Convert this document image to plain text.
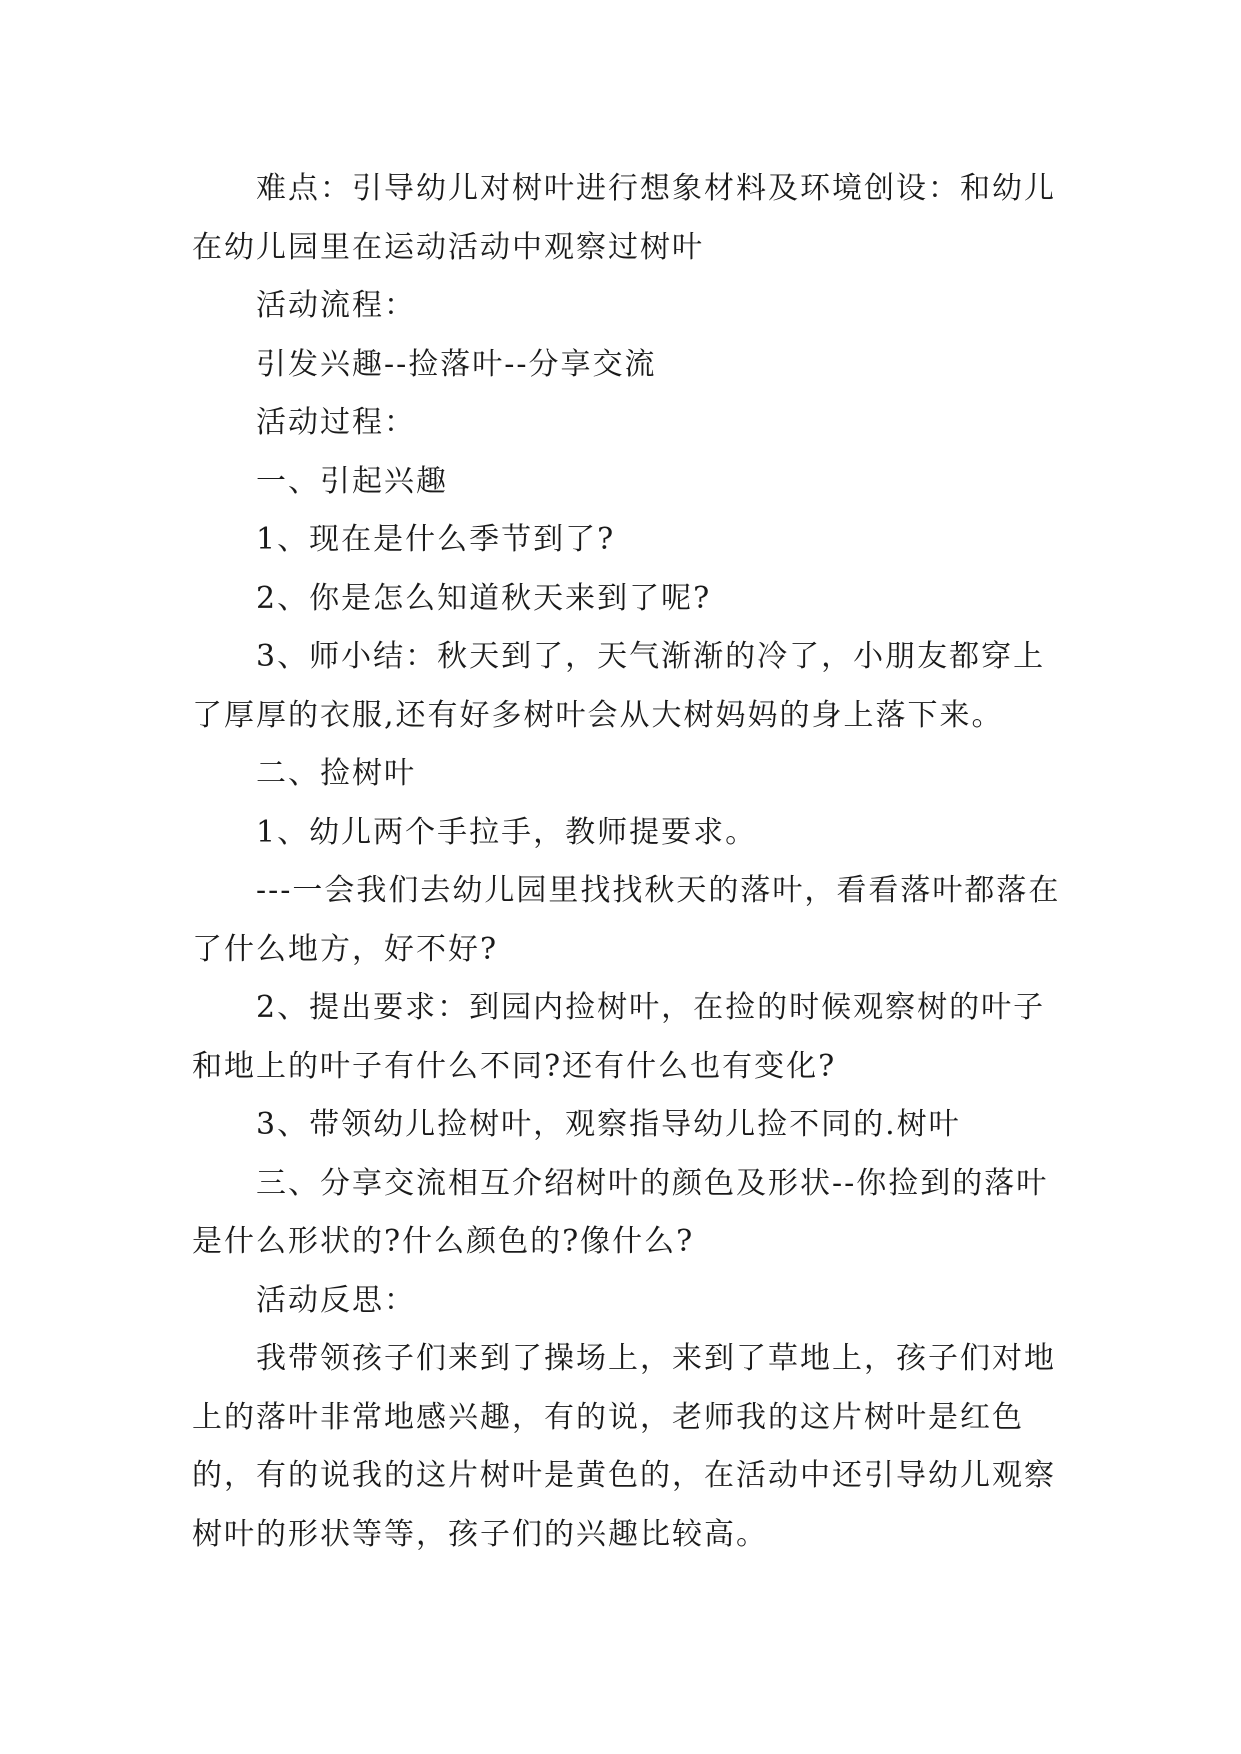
难点：引导幼儿对树叶进行想象材料及环境创设：和幼儿在幼儿园里在运动活动中观察过树叶

活动流程：

引发兴趣--捡落叶--分享交流

活动过程：

一、引起兴趣

1、现在是什么季节到了?

2、你是怎么知道秋天来到了呢?

3、师小结：秋天到了，天气渐渐的冷了，小朋友都穿上了厚厚的衣服,还有好多树叶会从大树妈妈的身上落下来。

二、捡树叶

1、幼儿两个手拉手，教师提要求。

---一会我们去幼儿园里找找秋天的落叶，看看落叶都落在了什么地方，好不好?

2、提出要求：到园内捡树叶，在捡的时候观察树的叶子和地上的叶子有什么不同?还有什么也有变化?

3、带领幼儿捡树叶，观察指导幼儿捡不同的.树叶

三、分享交流相互介绍树叶的颜色及形状--你捡到的落叶是什么形状的?什么颜色的?像什么?

活动反思：

我带领孩子们来到了操场上，来到了草地上，孩子们对地上的落叶非常地感兴趣，有的说，老师我的这片树叶是红色的，有的说我的这片树叶是黄色的，在活动中还引导幼儿观察树叶的形状等等，孩子们的兴趣比较高。
